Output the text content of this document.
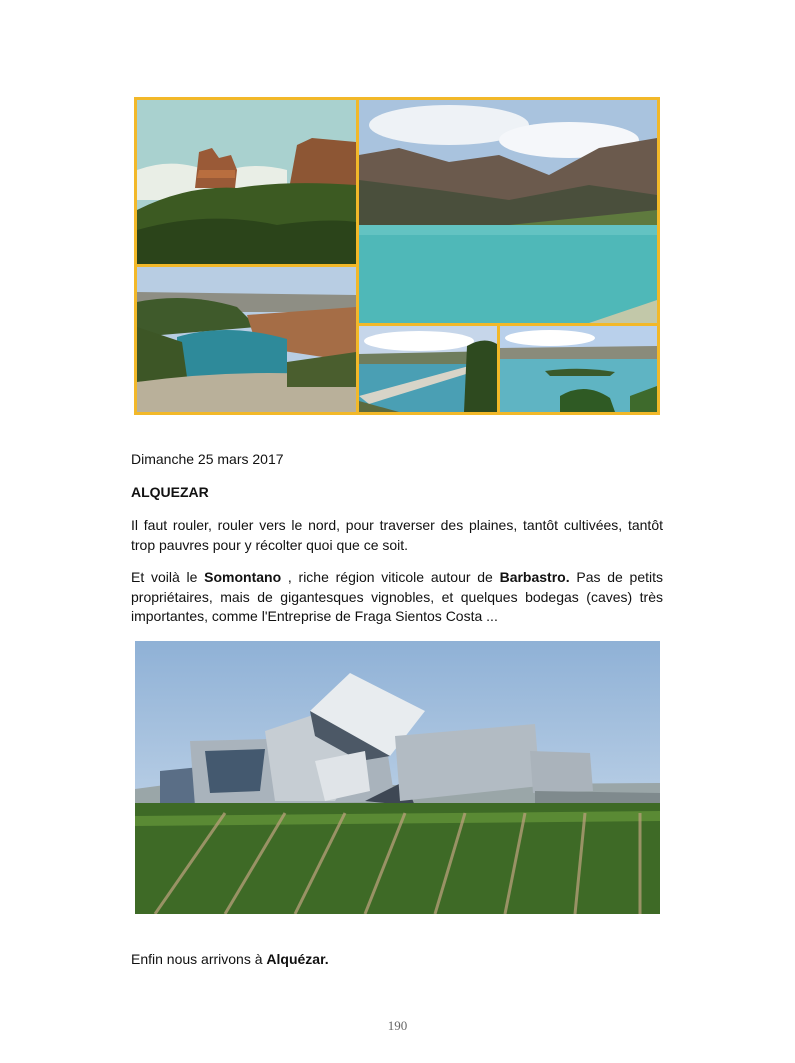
Dimanche 25 mars 2017
ALQUEZAR
Il faut rouler, rouler vers le nord, pour traverser des plaines, tantôt cultivées, tantôt trop pauvres pour y récolter quoi que ce soit.
Et voilà le Somontano , riche région viticole autour de Barbastro. Pas de petits propriétaires, mais de gigantesques vignobles, et quelques bodegas (caves) très importantes, comme l'Entreprise de Fraga Sientos Costa ...
Enfin nous arrivons à Alquézar.
190
